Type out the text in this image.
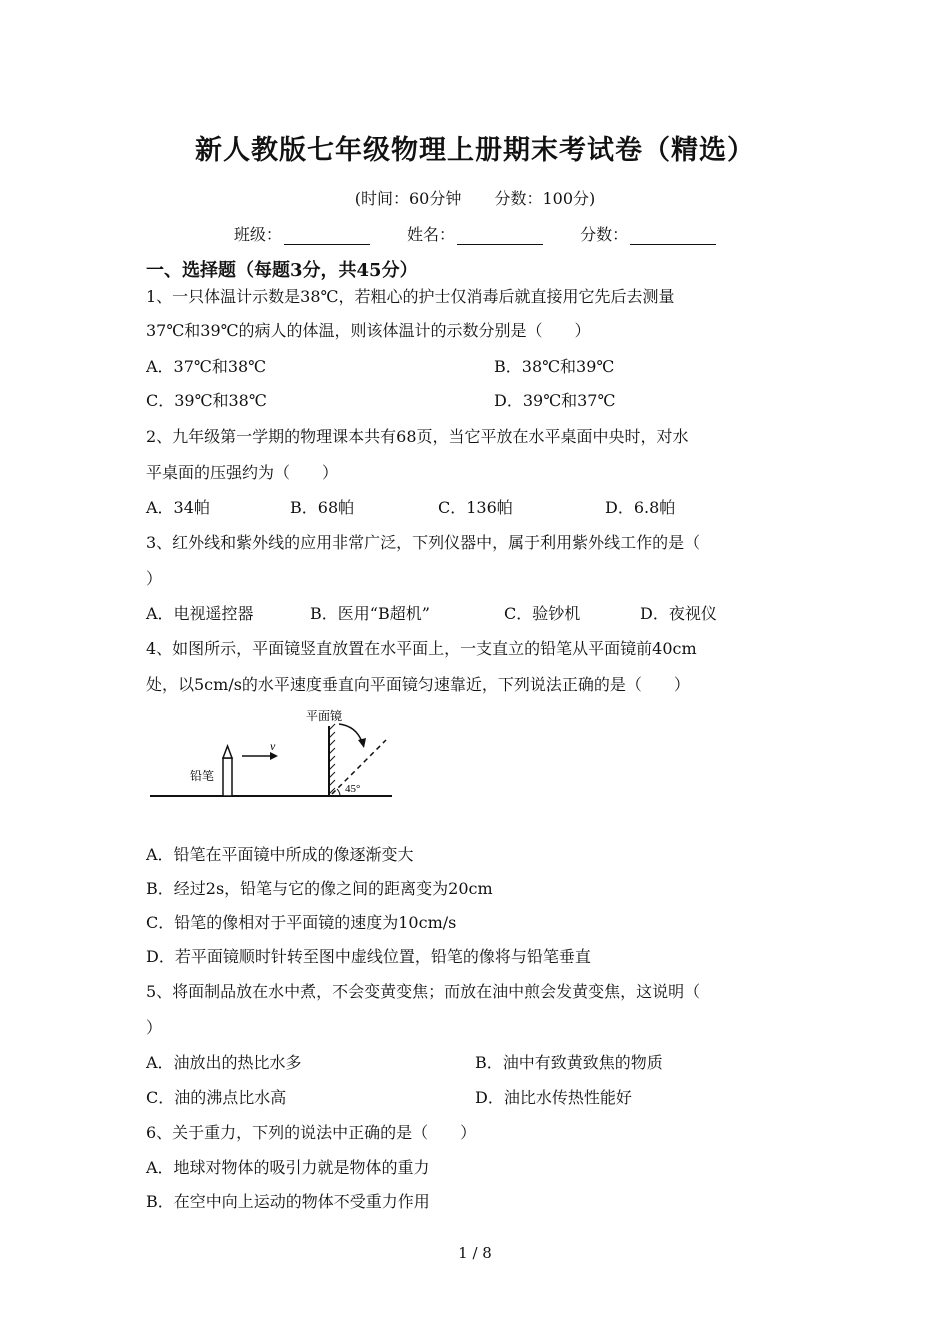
新人教版七年级物理上册期末考试卷（精选）
(时间：60分钟 分数：100分)
班级：	姓名：	分数：
一、选择题（每题3分，共45分）
1、一只体温计示数是38℃，若粗心的护士仅消毒后就直接用它先后去测量
37℃和39℃的病人的体温，则该体温计的示数分别是（　　）
A．37℃和38℃	B．38℃和39℃
C．39℃和38℃	D．39℃和37℃
2、九年级第一学期的物理课本共有68页，当它平放在水平桌面中央时，对水
平桌面的压强约为（　　）
A．34帕	B．68帕	C．136帕	D．6.8帕
3、红外线和紫外线的应用非常广泛，下列仪器中，属于利用紫外线工作的是（
）
A．电视遥控器	B．医用“B超机”	C．验钞机	D．夜视仪
4、如图所示，平面镜竖直放置在水平面上，一支直立的铅笔从平面镜前40cm
处，以5cm/s的水平速度垂直向平面镜匀速靠近，下列说法正确的是（　　）
铅笔
v
平面镜
45°
A．铅笔在平面镜中所成的像逐渐变大
B．经过2s，铅笔与它的像之间的距离变为20cm
C．铅笔的像相对于平面镜的速度为10cm/s
D．若平面镜顺时针转至图中虚线位置，铅笔的像将与铅笔垂直
5、将面制品放在水中煮，不会变黄变焦；而放在油中煎会发黄变焦，这说明（
）
A．油放出的热比水多	B．油中有致黄致焦的物质
C．油的沸点比水高	D．油比水传热性能好
6、关于重力，下列的说法中正确的是（　　）
A．地球对物体的吸引力就是物体的重力
B．在空中向上运动的物体不受重力作用
1 / 8
